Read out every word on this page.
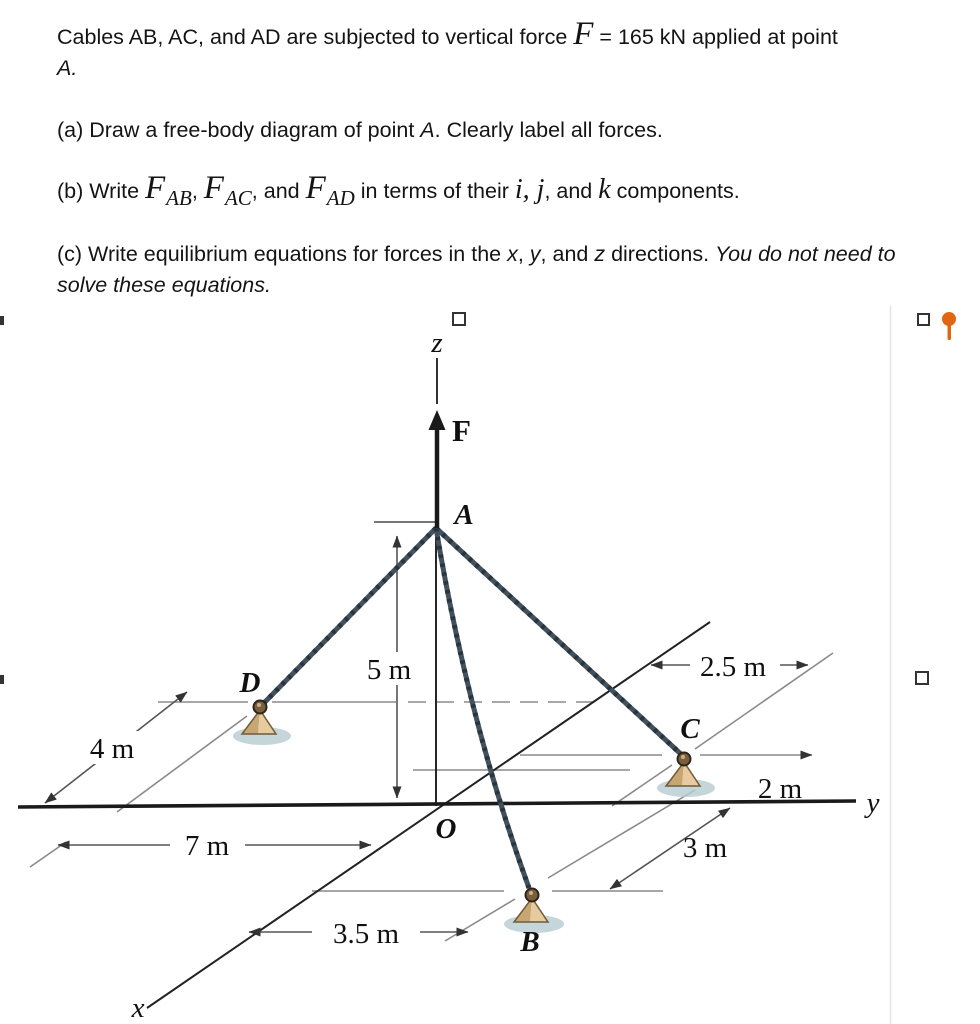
Cables AB, AC, and AD are subjected to vertical force F = 165 kN applied at point
A.

(a) Draw a free-body diagram of point A. Clearly label all forces.

(b) Write FAB, FAC, and FAD in terms of their i, j, and k components.

(c) Write equilibrium equations for forces in the x, y, and z directions. You do not need to solve these equations.

z
y
x
F
A
D
C
B
O
5 m
4 m
7 m
3.5 m
2.5 m
2 m
3 m
